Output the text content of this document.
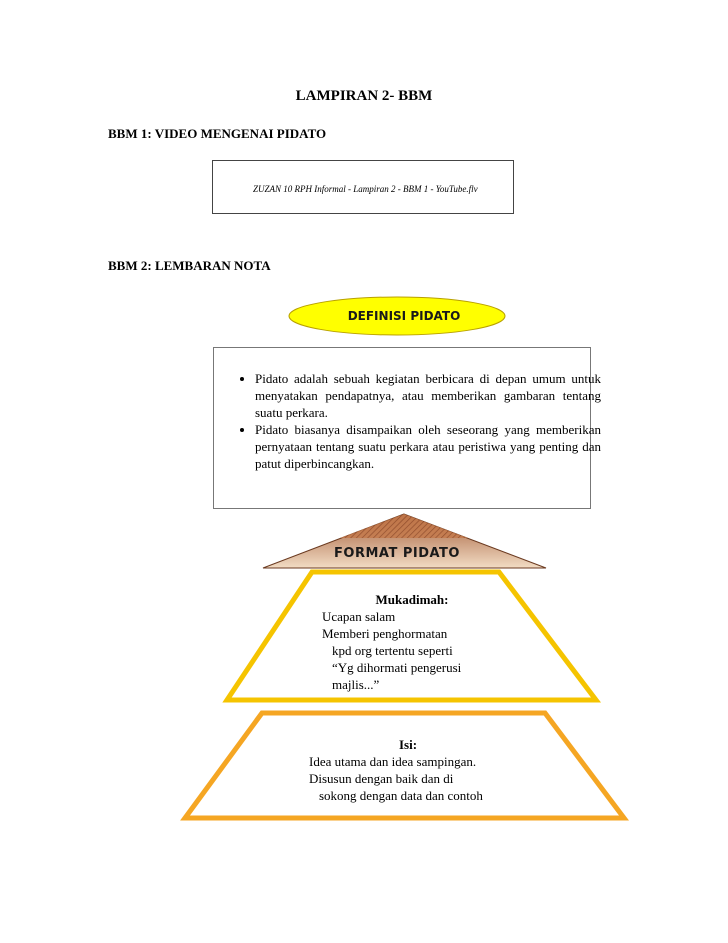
LAMPIRAN 2- BBM
BBM 1: VIDEO MENGENAI PIDATO
ZUZAN 10 RPH Informal - Lampiran 2 - BBM 1 - YouTube.flv
BBM 2: LEMBARAN NOTA
DEFINISI PIDATO
• Pidato adalah sebuah kegiatan berbicara di depan umum untuk menyatakan pendapatnya, atau memberikan gambaran tentang suatu perkara.
• Pidato biasanya disampaikan oleh seseorang yang memberikan pernyataan tentang suatu perkara atau peristiwa yang penting dan patut diperbincangkan.
FORMAT PIDATO
Mukadimah:
Ucapan salam
Memberi penghormatan
kpd org tertentu seperti
“Yg dihormati pengerusi
majlis...”
Isi:
Idea utama dan idea sampingan.
Disusun dengan baik dan di
sokong dengan data dan contoh
